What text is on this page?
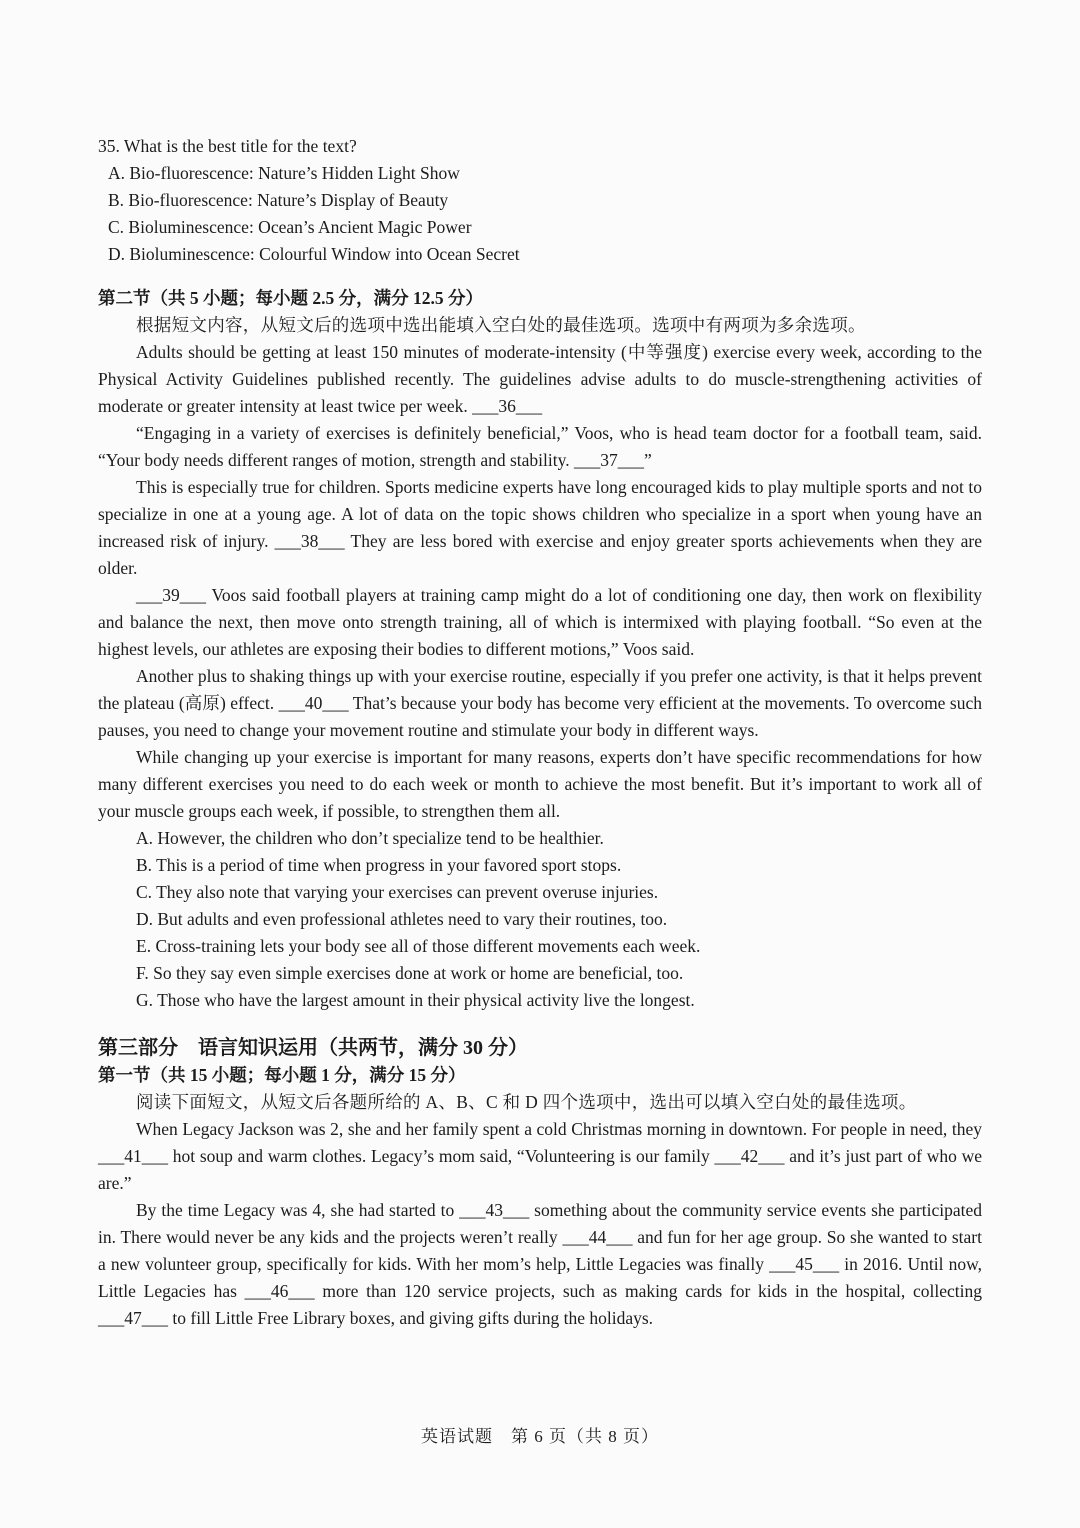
35. What is the best title for the text?
A. Bio-fluorescence: Nature’s Hidden Light Show
B. Bio-fluorescence: Nature’s Display of Beauty
C. Bioluminescence: Ocean’s Ancient Magic Power
D. Bioluminescence: Colourful Window into Ocean Secret
第二节（共 5 小题；每小题 2.5 分，满分 12.5 分）

根据短文内容，从短文后的选项中选出能填入空白处的最佳选项。选项中有两项为多余选项。

Adults should be getting at least 150 minutes of moderate-intensity (中等强度) exercise every week, according to the Physical Activity Guidelines published recently. The guidelines advise adults to do muscle-strengthening activities of moderate or greater intensity at least twice per week. ___36___

“Engaging in a variety of exercises is definitely beneficial,” Voos, who is head team doctor for a football team, said. “Your body needs different ranges of motion, strength and stability. ___37___”

This is especially true for children. Sports medicine experts have long encouraged kids to play multiple sports and not to specialize in one at a young age. A lot of data on the topic shows children who specialize in a sport when young have an increased risk of injury. ___38___ They are less bored with exercise and enjoy greater sports achievements when they are older.

___39___ Voos said football players at training camp might do a lot of conditioning one day, then work on flexibility and balance the next, then move onto strength training, all of which is intermixed with playing football. “So even at the highest levels, our athletes are exposing their bodies to different motions,” Voos said.

Another plus to shaking things up with your exercise routine, especially if you prefer one activity, is that it helps prevent the plateau (高原) effect. ___40___ That’s because your body has become very efficient at the movements. To overcome such pauses, you need to change your movement routine and stimulate your body in different ways.

While changing up your exercise is important for many reasons, experts don’t have specific recommendations for how many different exercises you need to do each week or month to achieve the most benefit. But it’s important to work all of your muscle groups each week, if possible, to strengthen them all.

A. However, the children who don’t specialize tend to be healthier.
B. This is a period of time when progress in your favored sport stops.
C. They also note that varying your exercises can prevent overuse injuries.
D. But adults and even professional athletes need to vary their routines, too.
E. Cross-training lets your body see all of those different movements each week.
F. So they say even simple exercises done at work or home are beneficial, too.
G. Those who have the largest amount in their physical activity live the longest.
第三部分　语言知识运用（共两节，满分 30 分）
第一节（共 15 小题；每小题 1 分，满分 15 分）

阅读下面短文，从短文后各题所给的 A、B、C 和 D 四个选项中，选出可以填入空白处的最佳选项。

When Legacy Jackson was 2, she and her family spent a cold Christmas morning in downtown. For people in need, they ___41___ hot soup and warm clothes. Legacy’s mom said, “Volunteering is our family ___42___ and it’s just part of who we are.”

By the time Legacy was 4, she had started to ___43___ something about the community service events she participated in. There would never be any kids and the projects weren’t really ___44___ and fun for her age group. So she wanted to start a new volunteer group, specifically for kids. With her mom’s help, Little Legacies was finally ___45___ in 2016. Until now, Little Legacies has ___46___ more than 120 service projects, such as making cards for kids in the hospital, collecting ___47___ to fill Little Free Library boxes, and giving gifts during the holidays.

英语试题　第 6 页（共 8 页）
